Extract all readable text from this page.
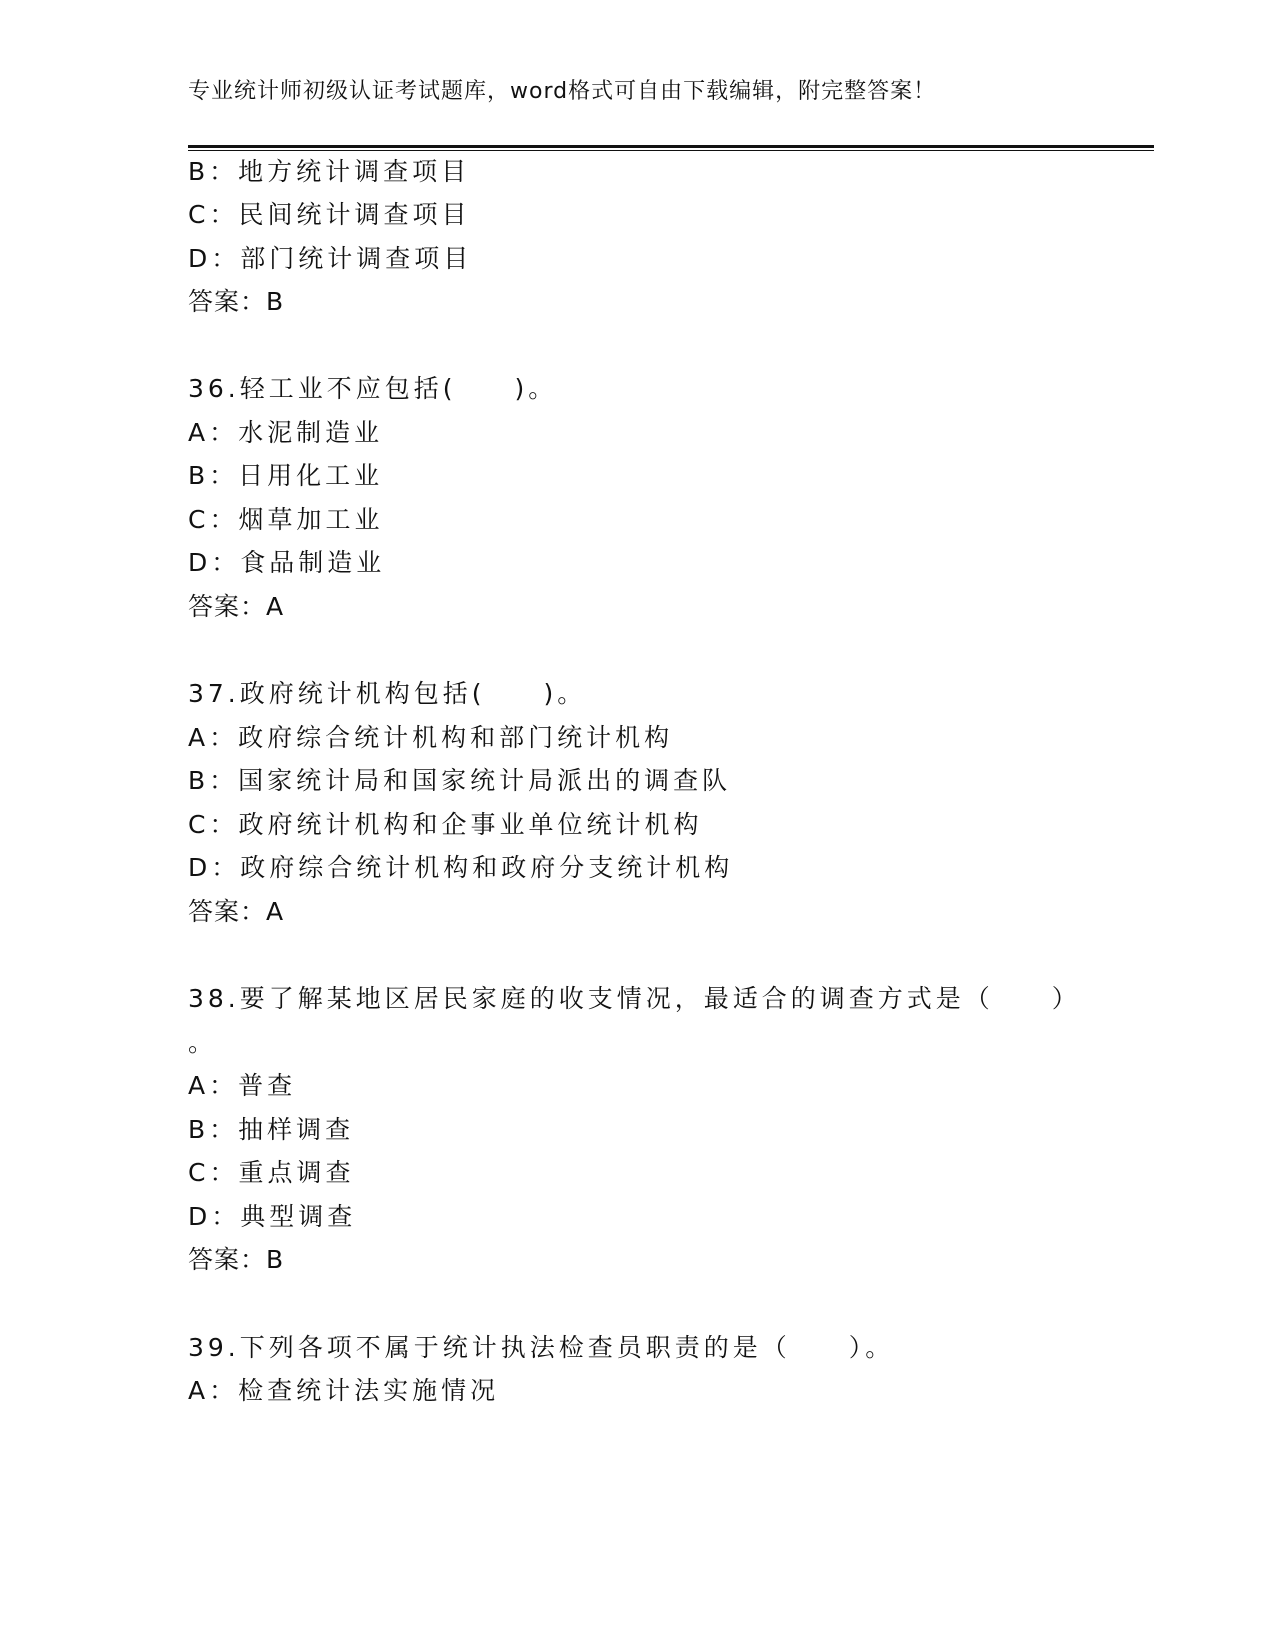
专业统计师初级认证考试题库，word格式可自由下载编辑，附完整答案！
B：地方统计调查项目
C：民间统计调查项目
D：部门统计调查项目
答案：B
36.轻工业不应包括(　　)。
A：水泥制造业
B：日用化工业
C：烟草加工业
D：食品制造业
答案：A
37.政府统计机构包括(　　)。
A：政府综合统计机构和部门统计机构
B：国家统计局和国家统计局派出的调查队
C：政府统计机构和企事业单位统计机构
D：政府综合统计机构和政府分支统计机构
答案：A
38.要了解某地区居民家庭的收支情况，最适合的调查方式是（　　）
。
A：普查
B：抽样调查
C：重点调查
D：典型调查
答案：B
39.下列各项不属于统计执法检查员职责的是（　　）。
A：检查统计法实施情况
